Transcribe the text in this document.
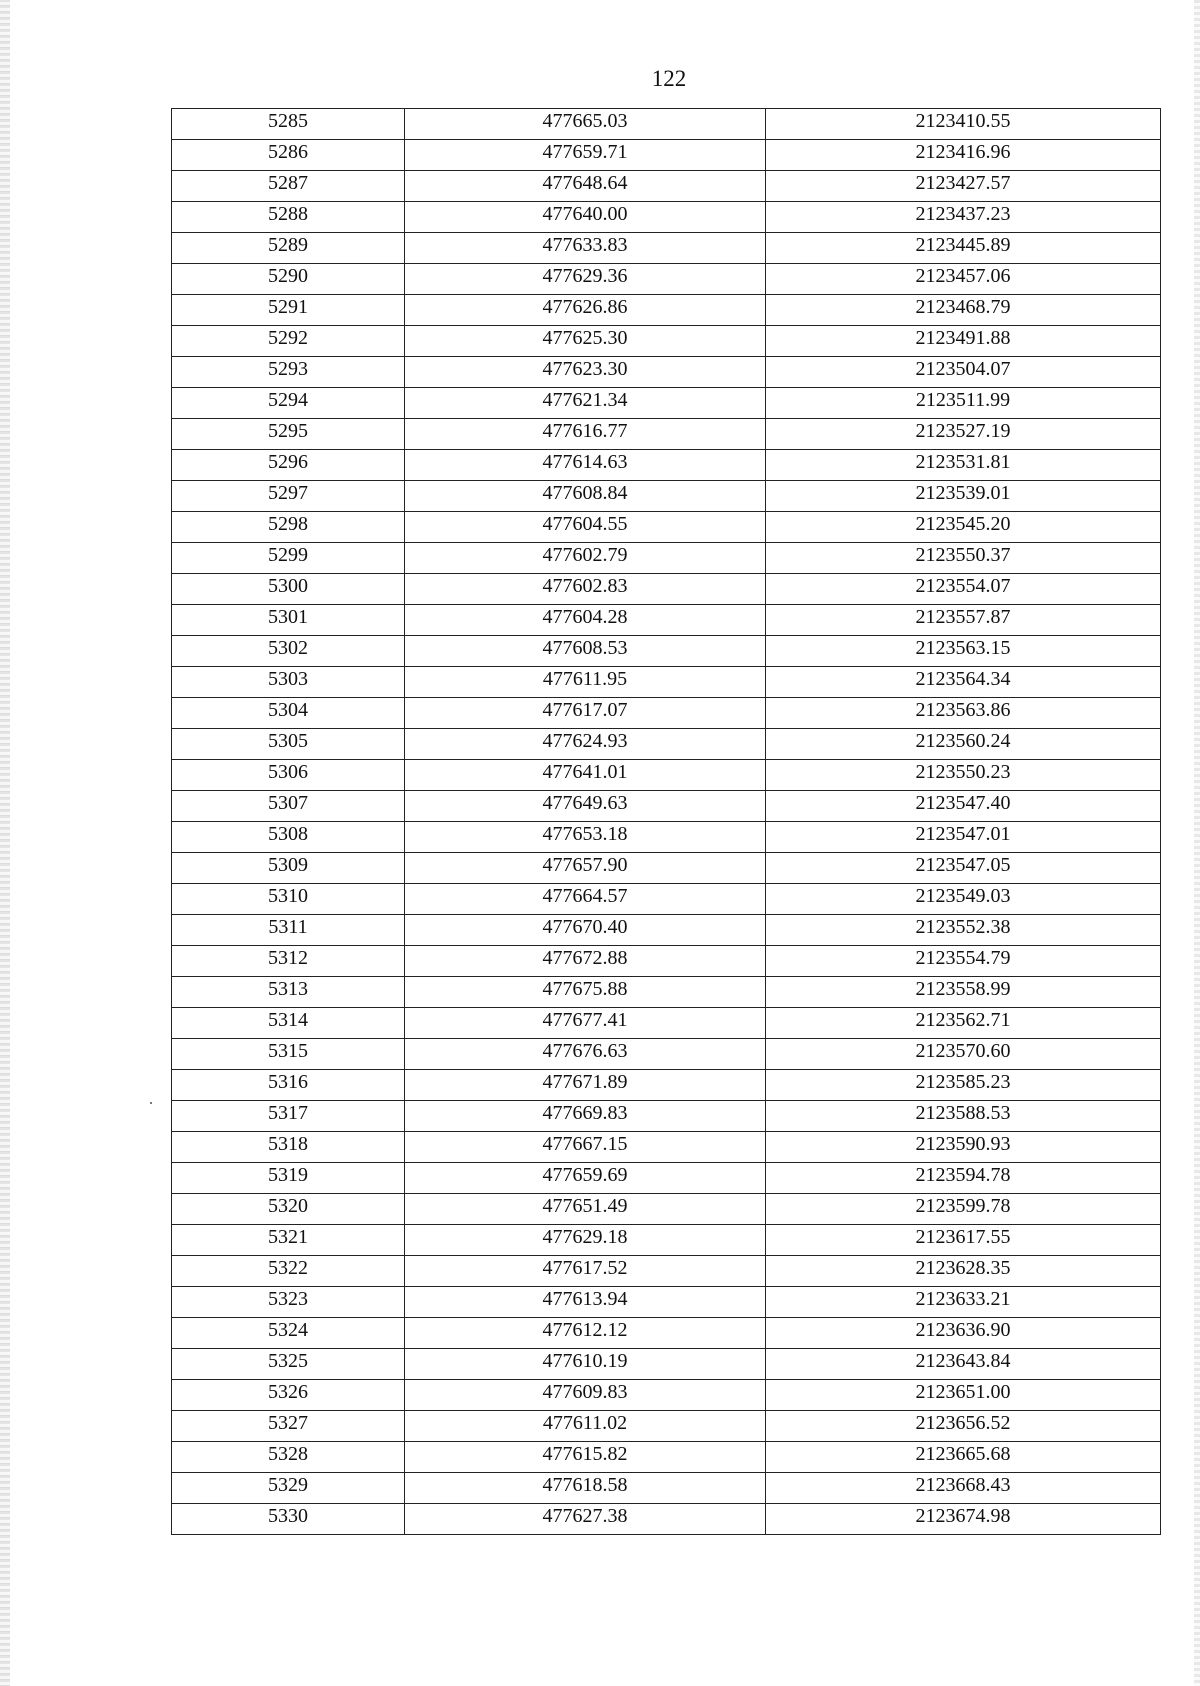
122
5285	477665.03	2123410.55
5286	477659.71	2123416.96
5287	477648.64	2123427.57
5288	477640.00	2123437.23
5289	477633.83	2123445.89
5290	477629.36	2123457.06
5291	477626.86	2123468.79
5292	477625.30	2123491.88
5293	477623.30	2123504.07
5294	477621.34	2123511.99
5295	477616.77	2123527.19
5296	477614.63	2123531.81
5297	477608.84	2123539.01
5298	477604.55	2123545.20
5299	477602.79	2123550.37
5300	477602.83	2123554.07
5301	477604.28	2123557.87
5302	477608.53	2123563.15
5303	477611.95	2123564.34
5304	477617.07	2123563.86
5305	477624.93	2123560.24
5306	477641.01	2123550.23
5307	477649.63	2123547.40
5308	477653.18	2123547.01
5309	477657.90	2123547.05
5310	477664.57	2123549.03
5311	477670.40	2123552.38
5312	477672.88	2123554.79
5313	477675.88	2123558.99
5314	477677.41	2123562.71
5315	477676.63	2123570.60
5316	477671.89	2123585.23
5317	477669.83	2123588.53
5318	477667.15	2123590.93
5319	477659.69	2123594.78
5320	477651.49	2123599.78
5321	477629.18	2123617.55
5322	477617.52	2123628.35
5323	477613.94	2123633.21
5324	477612.12	2123636.90
5325	477610.19	2123643.84
5326	477609.83	2123651.00
5327	477611.02	2123656.52
5328	477615.82	2123665.68
5329	477618.58	2123668.43
5330	477627.38	2123674.98
